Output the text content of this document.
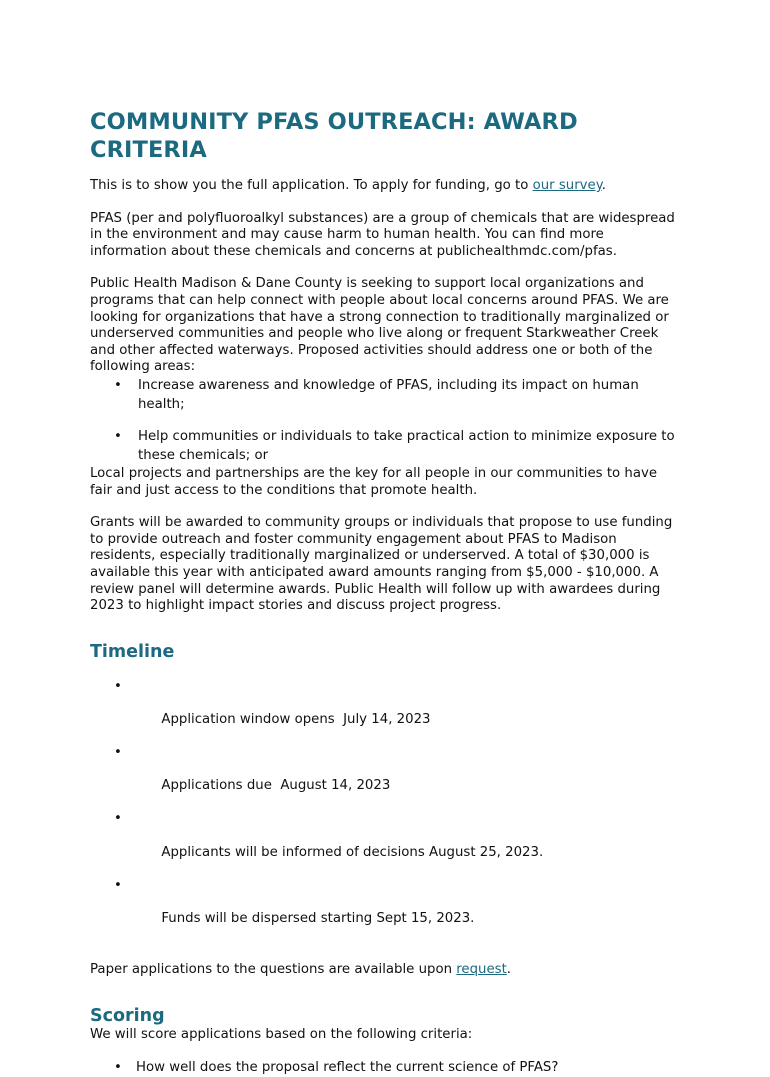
COMMUNITY PFAS OUTREACH: AWARD CRITERIA

This is to show you the full application. To apply for funding, go to our survey.

PFAS (per and polyfluoroalkyl substances) are a group of chemicals that are widespread in the environment and may cause harm to human health. You can find more information about these chemicals and concerns at publichealthmdc.com/pfas.

Public Health Madison & Dane County is seeking to support local organizations and programs that can help connect with people about local concerns around PFAS. We are looking for organizations that have a strong connection to traditionally marginalized or underserved communities and people who live along or frequent Starkweather Creek and other affected waterways. Proposed activities should address one or both of the following areas:

• Increase awareness and knowledge of PFAS, including its impact on human health;
• Help communities or individuals to take practical action to minimize exposure to these chemicals; or

Local projects and partnerships are the key for all people in our communities to have fair and just access to the conditions that promote health.

Grants will be awarded to community groups or individuals that propose to use funding to provide outreach and foster community engagement about PFAS to Madison residents, especially traditionally marginalized or underserved. A total of $30,000 is available this year with anticipated award amounts ranging from $5,000 - $10,000. A review panel will determine awards. Public Health will follow up with awardees during 2023 to highlight impact stories and discuss project progress.

Timeline

•

Application window opens  July 14, 2023

•

Applications due  August 14, 2023

•

Applicants will be informed of decisions August 25, 2023.

•

Funds will be dispersed starting Sept 15, 2023.

Paper applications to the questions are available upon request.

Scoring

We will score applications based on the following criteria:

• How well does the proposal reflect the current science of PFAS?
